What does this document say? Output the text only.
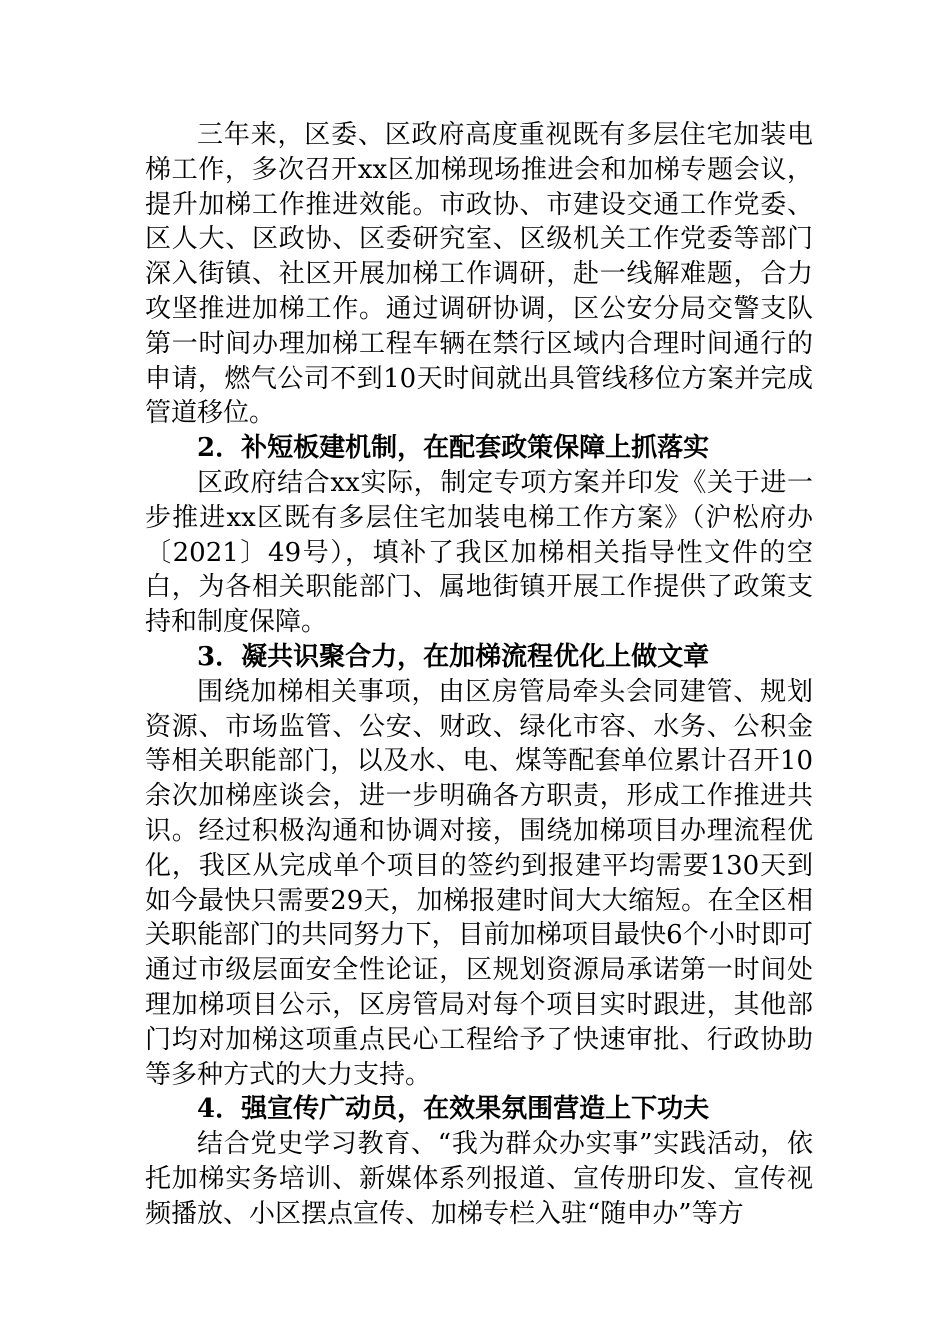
三年来，区委、区政府高度重视既有多层住宅加装电梯工作，多次召开xx区加梯现场推进会和加梯专题会议，提升加梯工作推进效能。市政协、市建设交通工作党委、区人大、区政协、区委研究室、区级机关工作党委等部门深入街镇、社区开展加梯工作调研，赴一线解难题，合力攻坚推进加梯工作。通过调研协调，区公安分局交警支队第一时间办理加梯工程车辆在禁行区域内合理时间通行的申请，燃气公司不到10天时间就出具管线移位方案并完成管道移位。

2．补短板建机制，在配套政策保障上抓落实

区政府结合xx实际，制定专项方案并印发《关于进一步推进xx区既有多层住宅加装电梯工作方案》（沪松府办〔2021〕49号），填补了我区加梯相关指导性文件的空白，为各相关职能部门、属地街镇开展工作提供了政策支持和制度保障。

3．凝共识聚合力，在加梯流程优化上做文章

围绕加梯相关事项，由区房管局牵头会同建管、规划资源、市场监管、公安、财政、绿化市容、水务、公积金等相关职能部门，以及水、电、煤等配套单位累计召开10余次加梯座谈会，进一步明确各方职责，形成工作推进共识。经过积极沟通和协调对接，围绕加梯项目办理流程优化，我区从完成单个项目的签约到报建平均需要130天到如今最快只需要29天，加梯报建时间大大缩短。在全区相关职能部门的共同努力下，目前加梯项目最快6个小时即可通过市级层面安全性论证，区规划资源局承诺第一时间处理加梯项目公示，区房管局对每个项目实时跟进，其他部门均对加梯这项重点民心工程给予了快速审批、行政协助等多种方式的大力支持。

4．强宣传广动员，在效果氛围营造上下功夫

结合党史学习教育、“我为群众办实事”实践活动，依托加梯实务培训、新媒体系列报道、宣传册印发、宣传视频播放、小区摆点宣传、加梯专栏入驻“随申办”等方
